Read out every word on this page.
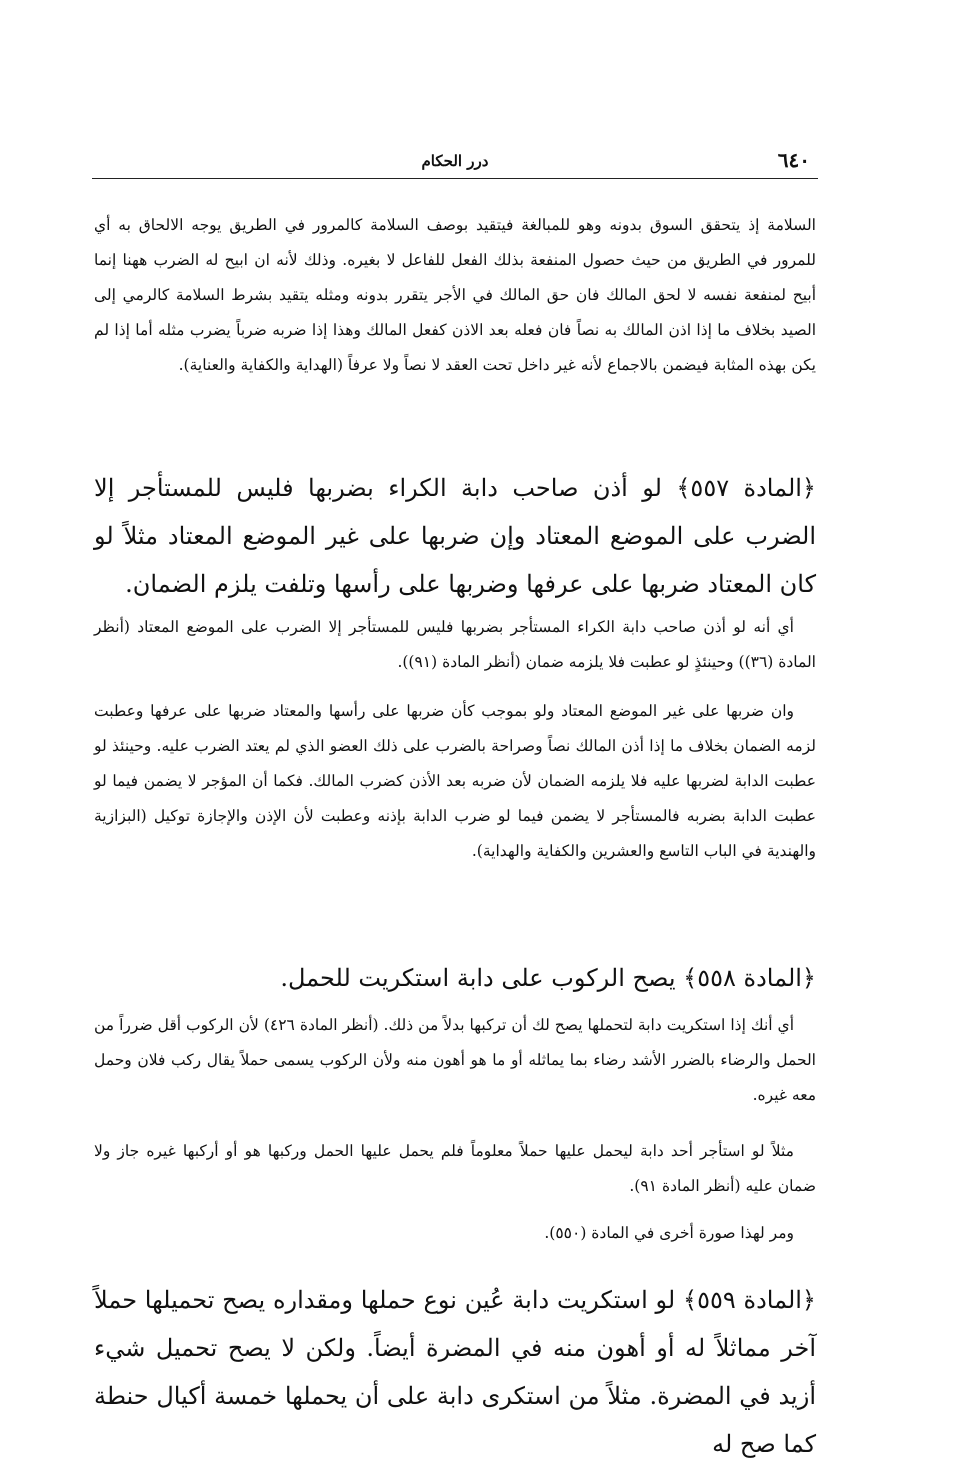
٦٤٠
درر الحكام

السلامة إذ يتحقق السوق بدونه وهو للمبالغة فيتقيد بوصف السلامة كالمرور في الطريق يوجه الالحاق به أي للمرور في الطريق من حيث حصول المنفعة بذلك الفعل للفاعل لا بغيره. وذلك لأنه ان ابيح له الضرب ههنا إنما أبيح لمنفعة نفسه لا لحق المالك فان حق المالك في الأجر يتقرر بدونه ومثله يتقيد بشرط السلامة كالرمي إلى الصيد بخلاف ما إذا اذن المالك به نصاً فان فعله بعد الاذن كفعل المالك وهذا إذا ضربه ضرباً يضرب مثله أما إذا لم يكن بهذه المثابة فيضمن بالاجماع لأنه غير داخل تحت العقد لا نصاً ولا عرفاً (الهداية والكفاية والعناية).

﴿المادة ٥٥٧﴾ لو أذن صاحب دابة الكراء بضربها فليس للمستأجر إلا الضرب على الموضع المعتاد وإن ضربها على غير الموضع المعتاد مثلاً لو كان المعتاد ضربها على عرفها وضربها على رأسها وتلفت يلزم الضمان.

أي أنه لو أذن صاحب دابة الكراء المستأجر بضربها فليس للمستأجر إلا الضرب على الموضع المعتاد (أنظر المادة (٣٦)) وحينئذٍ لو عطبت فلا يلزمه ضمان (أنظر المادة (٩١)).

وان ضربها على غير الموضع المعتاد ولو بموجب كأن ضربها على رأسها والمعتاد ضربها على عرفها وعطبت لزمه الضمان بخلاف ما إذا أذن المالك نصاً وصراحة بالضرب على ذلك العضو الذي لم يعتد الضرب عليه. وحينئذ لو عطبت الدابة لضربها عليه فلا يلزمه الضمان لأن ضربه بعد الأذن كضرب المالك. فكما أن المؤجر لا يضمن فيما لو عطبت الدابة بضربه فالمستأجر لا يضمن فيما لو ضرب الدابة بإذنه وعطبت لأن الإذن والإجازة توكيل (البزازية والهندية في الباب التاسع والعشرين والكفاية والهداية).

﴿المادة ٥٥٨﴾ يصح الركوب على دابة استكريت للحمل.

أي أنك إذا استكريت دابة لتحملها يصح لك أن تركبها بدلاً من ذلك. (أنظر المادة ٤٢٦) لأن الركوب أقل ضرراً من الحمل والرضاء بالضرر الأشد رضاء بما يماثله أو ما هو أهون منه ولأن الركوب يسمى حملاً يقال ركب فلان وحمل معه غيره.

مثلاً لو استأجر أحد دابة ليحمل عليها حملاً معلوماً فلم يحمل عليها الحمل وركبها هو أو أركبها غيره جاز ولا ضمان عليه (أنظر المادة ٩١).

ومر لهذا صورة أخرى في المادة (٥٥٠).

﴿المادة ٥٥٩﴾ لو استكريت دابة عُين نوع حملها ومقداره يصح تحميلها حملاً آخر مماثلاً له أو أهون منه في المضرة أيضاً. ولكن لا يصح تحميل شيء أزيد في المضرة. مثلاً من استكرى دابة على أن يحملها خمسة أكيال حنطة كما صح له
